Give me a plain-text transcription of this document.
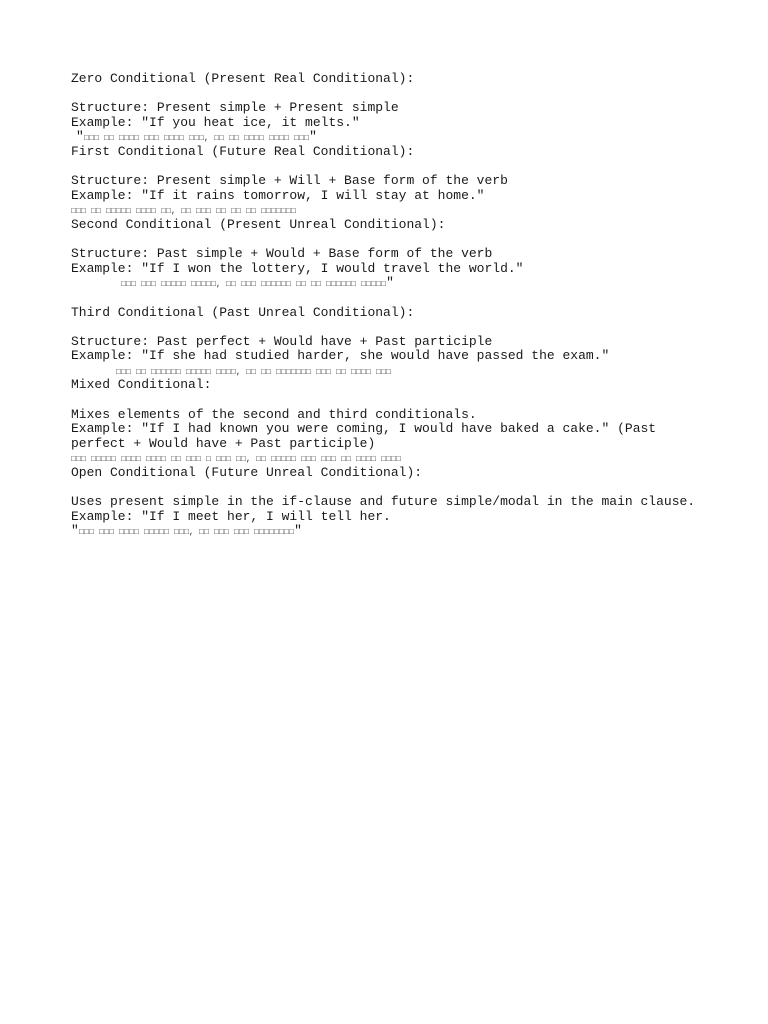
Zero Conditional (Present Real Conditional):
Structure: Present simple + Present simple
Example: "If you heat ice, it melts."
"□□□ □□ □□□□ □□□ □□□□ □□□, □□ □□ □□□□ □□□□ □□□"
First Conditional (Future Real Conditional):
Structure: Present simple + Will + Base form of the verb
Example: "If it rains tomorrow, I will stay at home."
□□□ □□ □□□□□ □□□□ □□, □□ □□□ □□ □□ □□ □□□□□□□
Second Conditional (Present Unreal Conditional):
Structure: Past simple + Would + Base form of the verb
Example: "If I won the lottery, I would travel the world."
□□□ □□□ □□□□□ □□□□□, □□ □□□ □□□□□□ □□ □□ □□□□□□ □□□□□"
Third Conditional (Past Unreal Conditional):
Structure: Past perfect + Would have + Past participle
Example: "If she had studied harder, she would have passed the exam."
□□□ □□ □□□□□□ □□□□□ □□□□, □□ □□ □□□□□□□ □□□ □□ □□□□ □□□
Mixed Conditional:
Mixes elements of the second and third conditionals.
Example: "If I had known you were coming, I would have baked a cake." (Past perfect + Would have + Past participle)
□□□ □□□□□ □□□□ □□□□ □□ □□□ □ □□□ □□, □□ □□□□□ □□□ □□□ □□ □□□□ □□□□
Open Conditional (Future Unreal Conditional):
Uses present simple in the if-clause and future simple/modal in the main clause.
Example: "If I meet her, I will tell her.
"□□□ □□□ □□□□ □□□□□ □□□, □□ □□□ □□□ □□□□□□□□"
